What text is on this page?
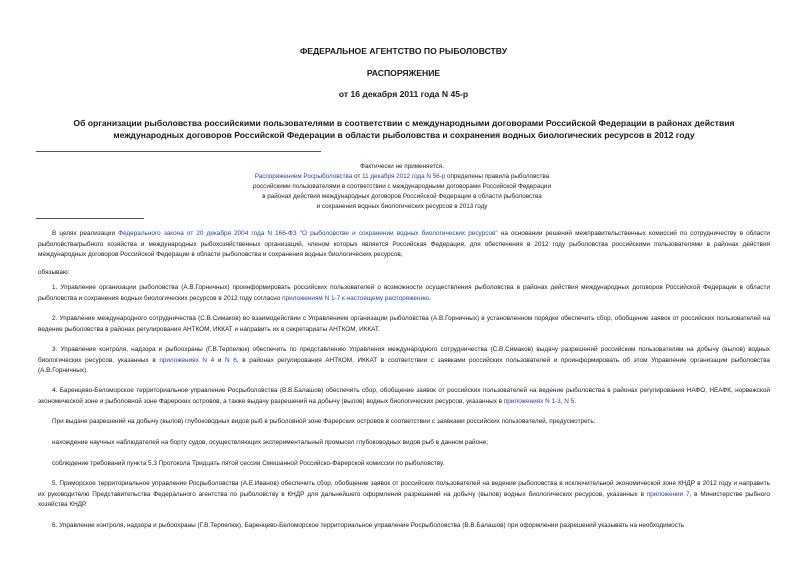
ФЕДЕРАЛЬНОЕ АГЕНТСТВО ПО РЫБОЛОВСТВУ
РАСПОРЯЖЕНИЕ
от 16 декабря 2011 года N 45-р
Об организации рыболовства российскими пользователями в соответствии с международными договорами Российской Федерации в районах действия
международных договоров Российской Федерации в области рыболовства и сохранения водных биологических ресурсов в 2012 году
Фактически не применяется.
Распоряжением Росрыболовства от 11 декабря 2012 года N 56-р определены правила рыболовства
российскими пользователями в соответствии с международными договорами Российской Федерации
в районах действия международных договоров Российской Федерации в области рыболовства
и сохранения водных биологических ресурсов в 2013 году
В целях реализации Федерального закона от 20 декабря 2004 года N 166-ФЗ "О рыболовстве и сохранении водных биологических ресурсов" на основании решений межправительственных комиссий по сотрудничеству в области рыболовства/рыбного хозяйства и международных рыбохозяйственных организаций, членом которых является Российская Федерация, для обеспечения в 2012 году рыболовства российскими пользователями в районах действия международных договоров Российской Федерации в области рыболовства и сохранения водных биологических ресурсов,
обязываю:
1. Управление организации рыболовства (А.В.Горничных) проинформировать российских пользователей о возможности осуществления рыболовства в районах действия международных договоров Российской Федерации в области рыболовства и сохранения водных биологических ресурсов в 2012 году согласно приложениям N 1-7 к настоящему распоряжению.
2. Управление международного сотрудничества (С.В.Симаков) во взаимодействии с Управлением организации рыболовства (А.В.Горничных) в установленном порядке обеспечить сбор, обобщение заявок от российских пользователей на ведение рыболовства в районах регулирования АНТКОМ, ИККАТ и направить их в секретариаты АНТКОМ, ИККАТ.
3. Управление контроля, надзора и рыбоохраны (Г.В.Терпелюк) обеспечить по представлению Управления международного сотрудничества (С.В.Симаков) выдачу разрешений российским пользователям на добычу (вылов) водных биологических ресурсов, указанных в приложениях N 4 и N 6, в районах регулирования АНТКОМ, ИККАТ в соответствии с заявками российских пользователей и проинформировать об этом Управление организации рыболовства (А.В.Горничных).
4. Баренцево-Беломорское территориальное управление Росрыболовства (В.В.Балашов) обеспечить сбор, обобщение заявок от российских пользователей на ведение рыболовства в районах регулирования НАФО, НЕАФК, норвежской экономической зоне и рыболовной зоне Фарерских островов, а также выдачу разрешений на добычу (вылов) водных биологических ресурсов, указанных в приложениях N 1-3, N 5.
При выдаче разрешений на добычу (вылов) глубоководных видов рыб в рыболовной зоне Фарерских островов в соответствии с заявками российских пользователей, предусмотреть:
нахождение научных наблюдателей на борту судов, осуществляющих экспериментальный промысел глубоководных видов рыб в данном районе;
соблюдение требований пункта 5.3 Протокола Тридцать пятой сессии Смешанной Российско-Фарерской комиссии по рыболовству.
5. Приморское территориальное управление Росрыболовства (А.Е.Иванов) обеспечить сбор, обобщение заявок от российских пользователей на ведение рыболовства в исключительной экономической зоне КНДР в 2012 году и направить их руководителю Представительства Федерального агентства по рыболовству в КНДР для дальнейшего оформления разрешений на добычу (вылов) водных биологических ресурсов, указанных в приложении 7, в Министерстве рыбного хозяйства КНДР.
6. Управление контроля, надзора и рыбоохраны (Г.В.Терпелюк), Баренцево-Беломорское территориальное управление Росрыболовства (В.В.Балашов) при оформлении разрешений указывать на необходимость
